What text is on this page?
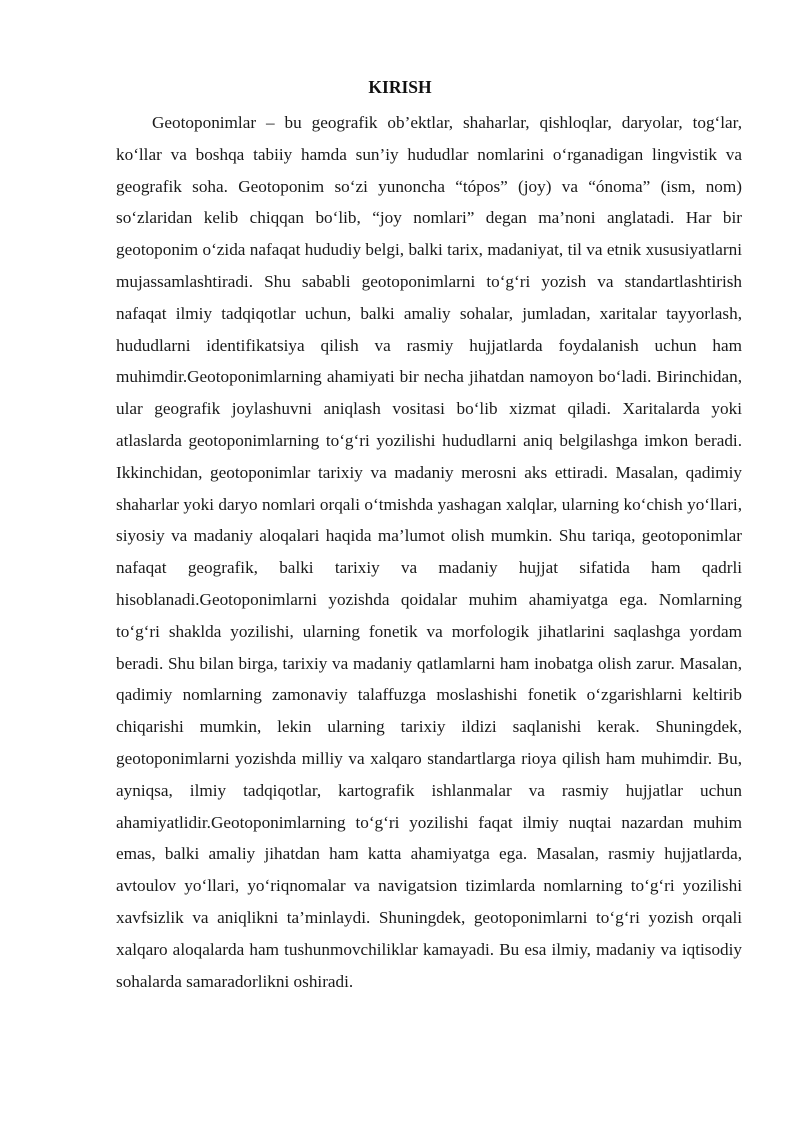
KIRISH

Geotoponimlar – bu geografik ob’ektlar, shaharlar, qishloqlar, daryolar, tog‘lar, ko‘llar va boshqa tabiiy hamda sun’iy hududlar nomlarini o‘rganadigan lingvistik va geografik soha. Geotoponim so‘zi yunoncha “tópos” (joy) va “ónoma” (ism, nom) so‘zlaridan kelib chiqqan bo‘lib, “joy nomlari” degan ma’noni anglatadi. Har bir geotoponim o‘zida nafaqat hududiy belgi, balki tarix, madaniyat, til va etnik xususiyatlarni mujassamlashtiradi. Shu sababli geotoponimlarni to‘g‘ri yozish va standartlashtirish nafaqat ilmiy tadqiqotlar uchun, balki amaliy sohalar, jumladan, xaritalar tayyorlash, hududlarni identifikatsiya qilish va rasmiy hujjatlarda foydalanish uchun ham muhimdir.Geotoponimlarning ahamiyati bir necha jihatdan namoyon bo‘ladi. Birinchidan, ular geografik joylashuvni aniqlash vositasi bo‘lib xizmat qiladi. Xaritalarda yoki atlaslarda geotoponimlarning to‘g‘ri yozilishi hududlarni aniq belgilashga imkon beradi. Ikkinchidan, geotoponimlar tarixiy va madaniy merosni aks ettiradi. Masalan, qadimiy shaharlar yoki daryo nomlari orqali o‘tmishda yashagan xalqlar, ularning ko‘chish yo‘llari, siyosiy va madaniy aloqalari haqida ma’lumot olish mumkin. Shu tariqa, geotoponimlar nafaqat geografik, balki tarixiy va madaniy hujjat sifatida ham qadrli hisoblanadi.Geotoponimlarni yozishda qoidalar muhim ahamiyatga ega. Nomlarning to‘g‘ri shaklda yozilishi, ularning fonetik va morfologik jihatlarini saqlashga yordam beradi. Shu bilan birga, tarixiy va madaniy qatlamlarni ham inobatga olish zarur. Masalan, qadimiy nomlarning zamonaviy talaffuzga moslashishi fonetik o‘zgarishlarni keltirib chiqarishi mumkin, lekin ularning tarixiy ildizi saqlanishi kerak. Shuningdek, geotoponimlarni yozishda milliy va xalqaro standartlarga rioya qilish ham muhimdir. Bu, ayniqsa, ilmiy tadqiqotlar, kartografik ishlanmalar va rasmiy hujjatlar uchun ahamiyatlidir.Geotoponimlarning to‘g‘ri yozilishi faqat ilmiy nuqtai nazardan muhim emas, balki amaliy jihatdan ham katta ahamiyatga ega. Masalan, rasmiy hujjatlarda, avtoulov yo‘llari, yo‘riqnomalar va navigatsion tizimlarda nomlarning to‘g‘ri yozilishi xavfsizlik va aniqlikni ta’minlaydi. Shuningdek, geotoponimlarni to‘g‘ri yozish orqali xalqaro aloqalarda ham tushunmovchiliklar kamayadi. Bu esa ilmiy, madaniy va iqtisodiy sohalarda samaradorlikni oshiradi.
